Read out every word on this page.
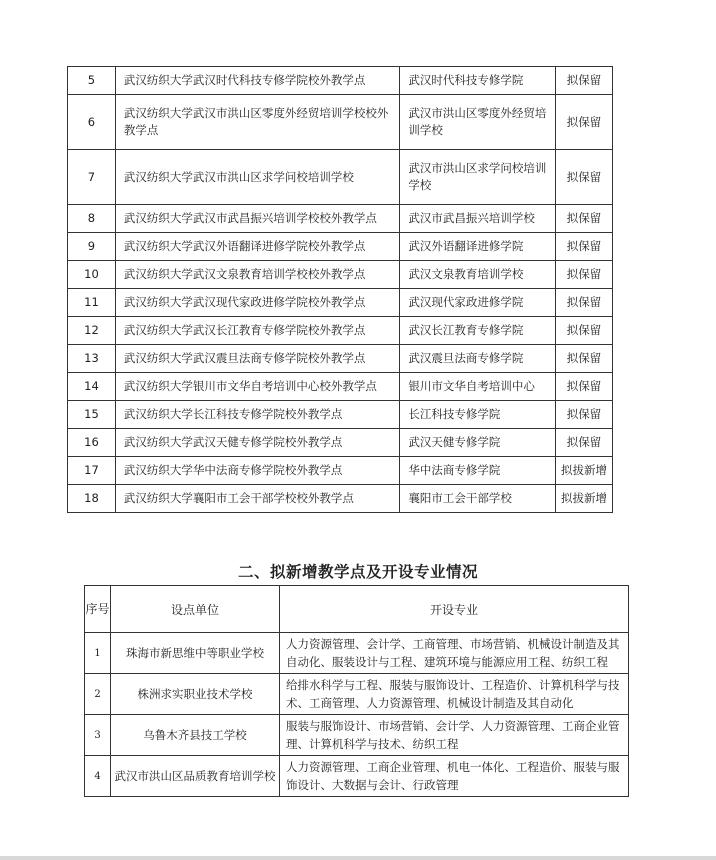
5	武汉纺织大学武汉时代科技专修学院校外教学点	武汉时代科技专修学院	拟保留
6	武汉纺织大学武汉市洪山区零度外经贸培训学校校外教学点	武汉市洪山区零度外经贸培训学校	拟保留
7	武汉纺织大学武汉市洪山区求学问校培训学校	武汉市洪山区求学问校培训学校	拟保留
8	武汉纺织大学武汉市武昌振兴培训学校校外教学点	武汉市武昌振兴培训学校	拟保留
9	武汉纺织大学武汉外语翻译进修学院校外教学点	武汉外语翻译进修学院	拟保留
10	武汉纺织大学武汉文泉教育培训学校校外教学点	武汉文泉教育培训学校	拟保留
11	武汉纺织大学武汉现代家政进修学院校外教学点	武汉现代家政进修学院	拟保留
12	武汉纺织大学武汉长江教育专修学院校外教学点	武汉长江教育专修学院	拟保留
13	武汉纺织大学武汉震旦法商专修学院校外教学点	武汉震旦法商专修学院	拟保留
14	武汉纺织大学银川市文华自考培训中心校外教学点	银川市文华自考培训中心	拟保留
15	武汉纺织大学长江科技专修学院校外教学点	长江科技专修学院	拟保留
16	武汉纺织大学武汉天健专修学院校外教学点	武汉天健专修学院	拟保留
17	武汉纺织大学华中法商专修学院校外教学点	华中法商专修学院	拟拔新增
18	武汉纺织大学襄阳市工会干部学校校外教学点	襄阳市工会干部学校	拟拔新增
二、拟新增教学点及开设专业情况
序号	设点单位	开设专业
1	珠海市新思维中等职业学校	人力资源管理、会计学、工商管理、市场营销、机械设计制造及其自动化、服装设计与工程、建筑环境与能源应用工程、纺织工程
2	株洲求实职业技术学校	给排水科学与工程、服装与服饰设计、工程造价、计算机科学与技术、工商管理、人力资源管理、机械设计制造及其自动化
3	乌鲁木齐县技工学校	服装与服饰设计、市场营销、会计学、人力资源管理、工商企业管理、计算机科学与技术、纺织工程
4	武汉市洪山区品质教育培训学校	人力资源管理、工商企业管理、机电一体化、工程造价、服装与服饰设计、大数据与会计、行政管理
